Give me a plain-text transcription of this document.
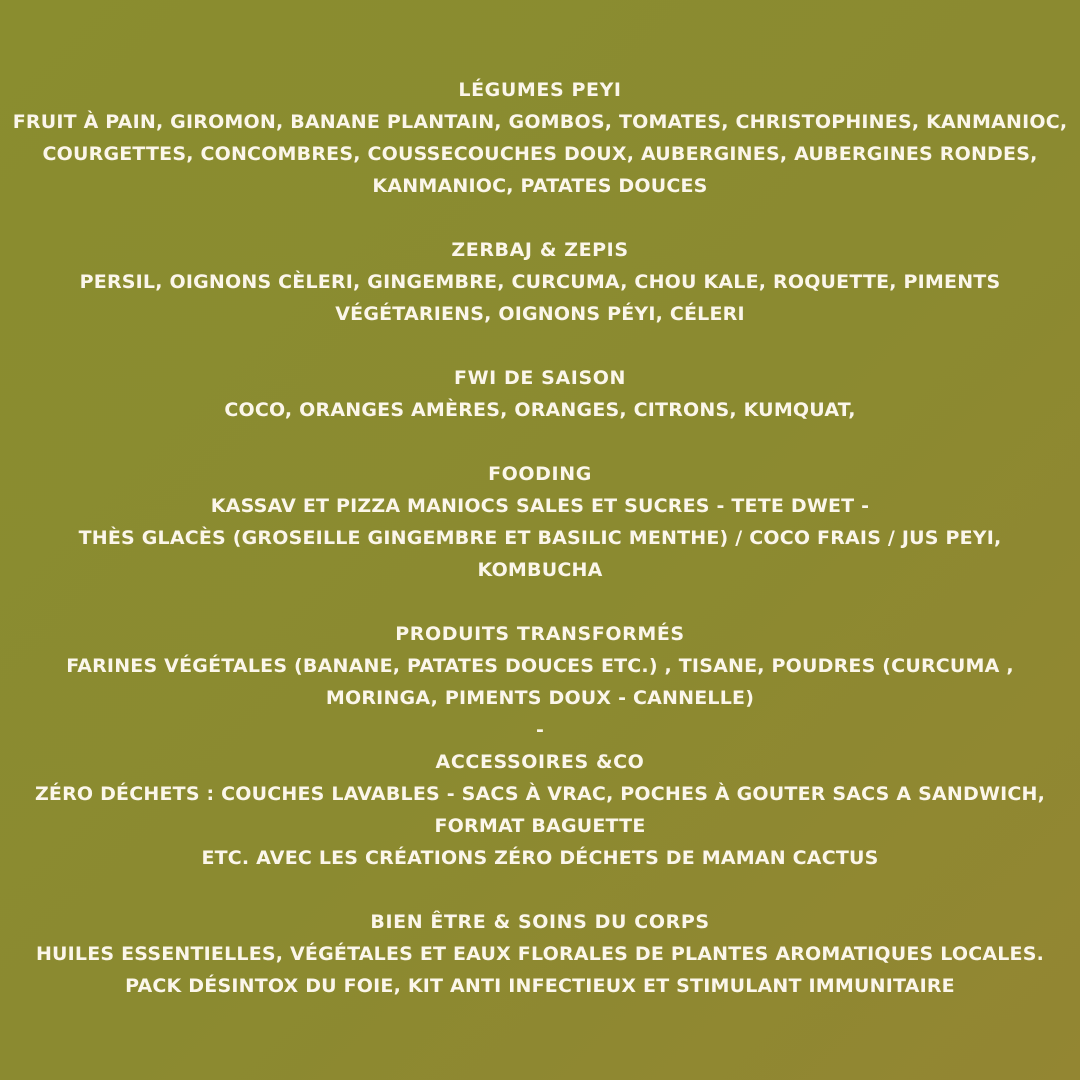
LÉGUMES PEYI
FRUIT À PAIN, GIROMON, BANANE PLANTAIN, GOMBOS, TOMATES, CHRISTOPHINES, KANMANIOC,
COURGETTES, CONCOMBRES, COUSSECOUCHES DOUX, AUBERGINES, AUBERGINES RONDES,
KANMANIOC, PATATES DOUCES
ZERBAJ & ZEPIS
PERSIL, OIGNONS CÈLERI, GINGEMBRE, CURCUMA, CHOU KALE, ROQUETTE, PIMENTS
VÉGÉTARIENS, OIGNONS PÉYI, CÉLERI
FWI DE SAISON
COCO, ORANGES AMÈRES, ORANGES, CITRONS, KUMQUAT,
FOODING
KASSAV ET PIZZA MANIOCS SALES ET SUCRES - TETE DWET -
THÈS GLACÈS (GROSEILLE GINGEMBRE ET BASILIC MENTHE) / COCO FRAIS / JUS PEYI,
KOMBUCHA
PRODUITS TRANSFORMÉS
FARINES VÉGÉTALES (BANANE, PATATES DOUCES ETC.) , TISANE, POUDRES (CURCUMA ,
MORINGA, PIMENTS DOUX - CANNELLE)
-
ACCESSOIRES &CO
ZÉRO DÉCHETS : COUCHES LAVABLES - SACS À VRAC, POCHES À GOUTER SACS A SANDWICH,
FORMAT BAGUETTE
ETC. AVEC LES CRÉATIONS ZÉRO DÉCHETS DE MAMAN CACTUS
BIEN ÊTRE & SOINS DU CORPS
HUILES ESSENTIELLES, VÉGÉTALES ET EAUX FLORALES DE PLANTES AROMATIQUES LOCALES.
PACK DÉSINTOX DU FOIE, KIT ANTI INFECTIEUX ET STIMULANT IMMUNITAIRE
